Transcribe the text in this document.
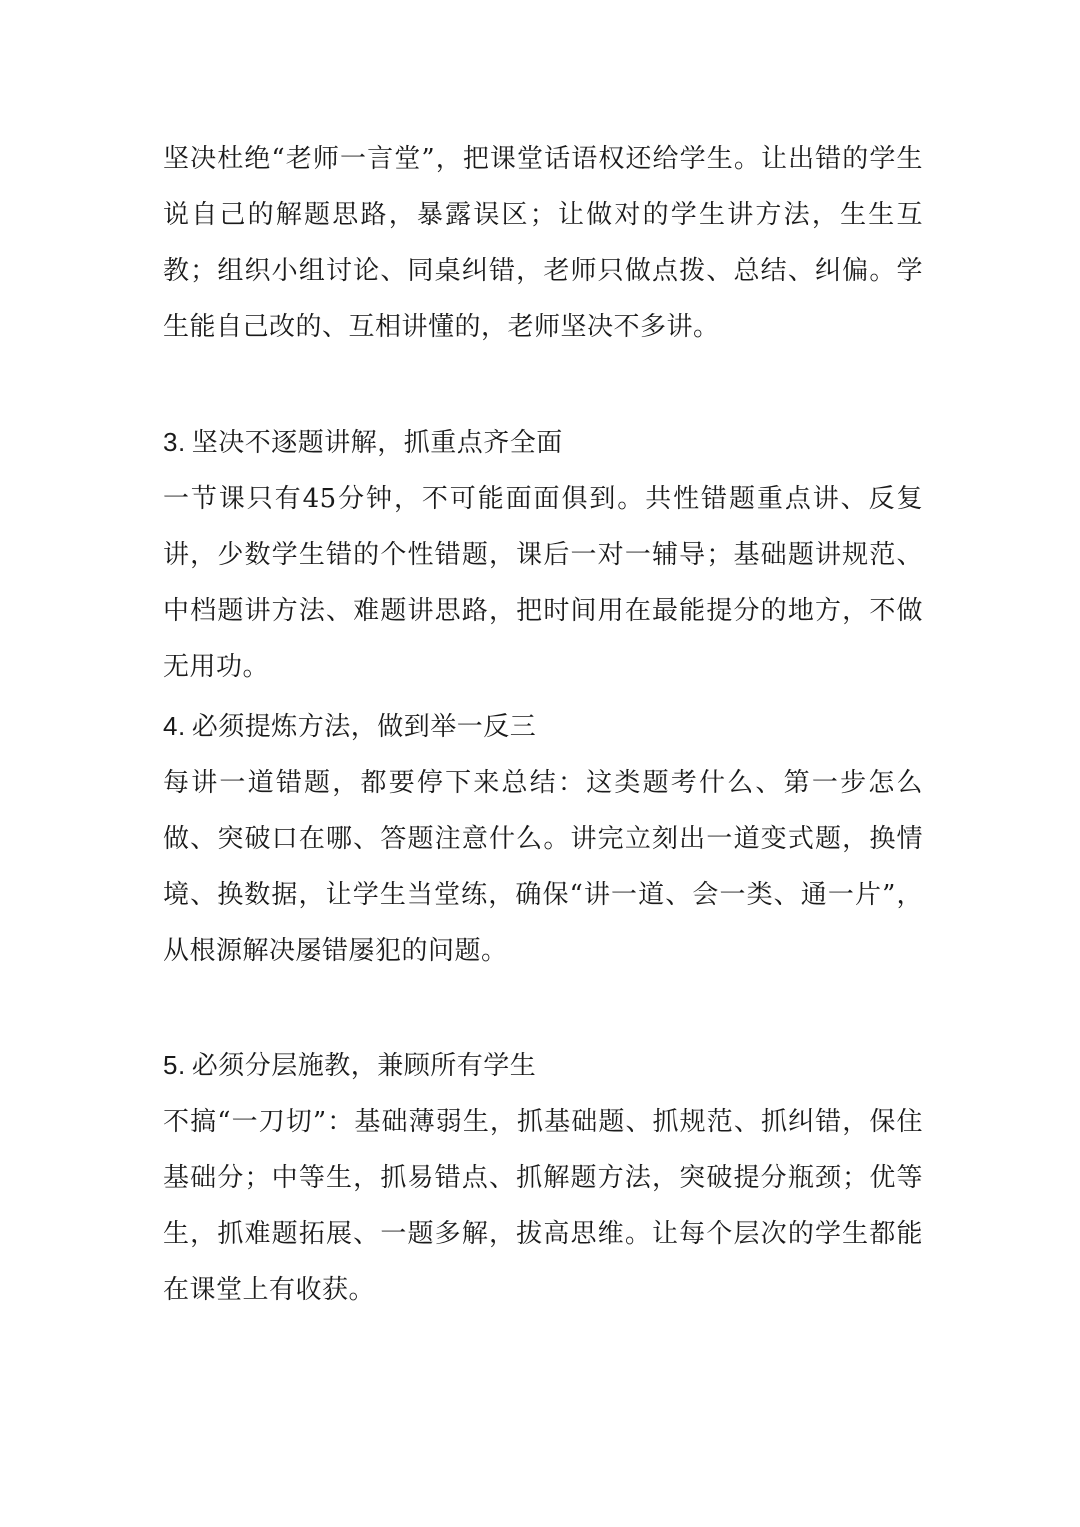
坚决杜绝“老师一言堂”，把课堂话语权还给学生。让出错的学生说自己的解题思路，暴露误区；让做对的学生讲方法，生生互教；组织小组讨论、同桌纠错，老师只做点拨、总结、纠偏。学生能自己改的、互相讲懂的，老师坚决不多讲。

3. 坚决不逐题讲解，抓重点齐全面

一节课只有45分钟，不可能面面俱到。共性错题重点讲、反复讲，少数学生错的个性错题，课后一对一辅导；基础题讲规范、中档题讲方法、难题讲思路，把时间用在最能提分的地方，不做无用功。

4. 必须提炼方法，做到举一反三

每讲一道错题，都要停下来总结：这类题考什么、第一步怎么做、突破口在哪、答题注意什么。讲完立刻出一道变式题，换情境、换数据，让学生当堂练，确保“讲一道、会一类、通一片”，从根源解决屡错屡犯的问题。

5. 必须分层施教，兼顾所有学生

不搞“一刀切”：基础薄弱生，抓基础题、抓规范、抓纠错，保住基础分；中等生，抓易错点、抓解题方法，突破提分瓶颈；优等生，抓难题拓展、一题多解，拔高思维。让每个层次的学生都能在课堂上有收获。
